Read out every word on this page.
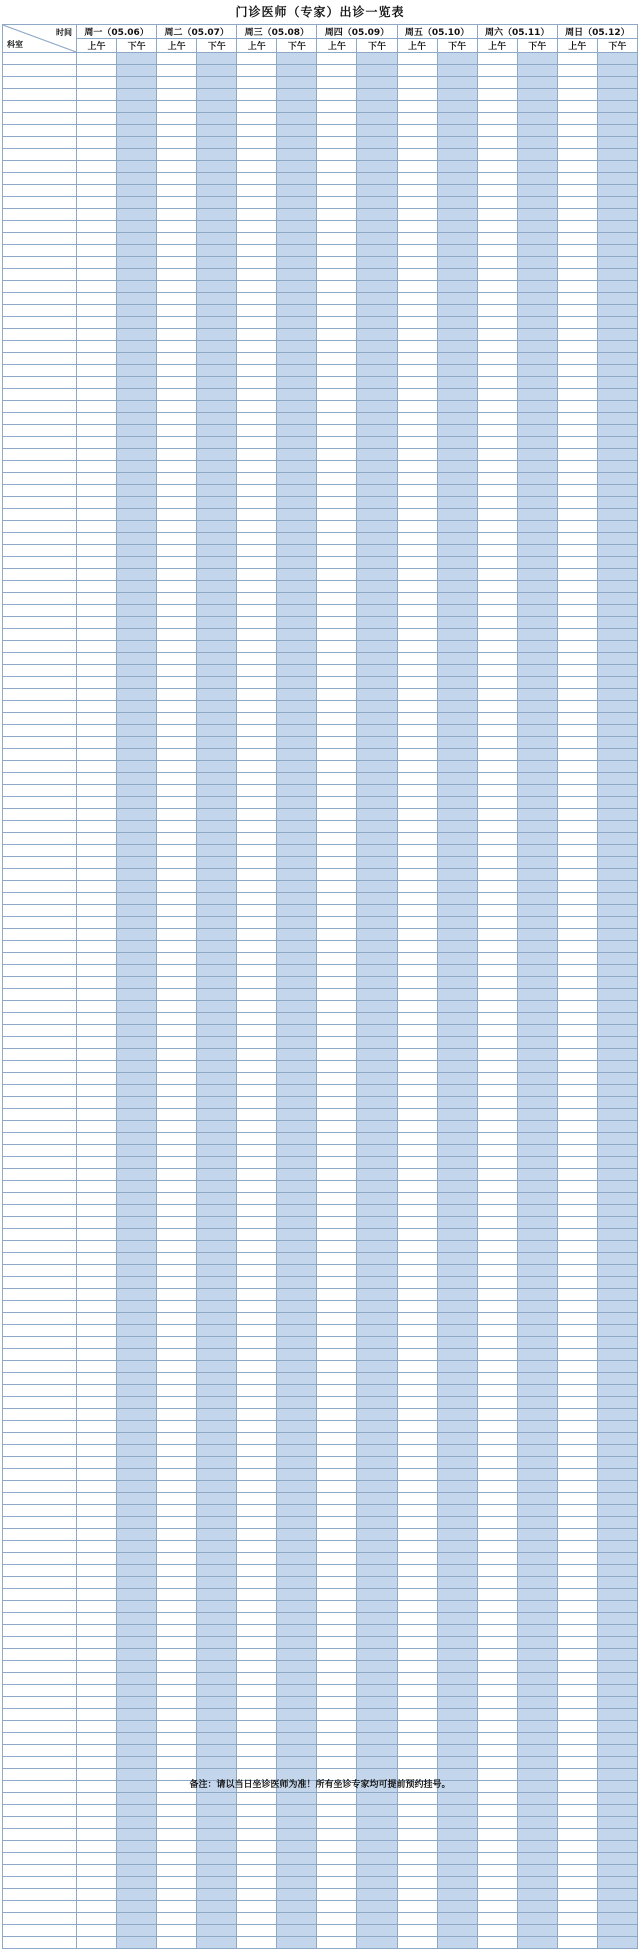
门诊医师（专家）出诊一览表
时间
科室	周一（05.06）		周二（05.07）		周三（05.08）		周四（05.09）		周五（05.10）		周六（05.11）		周日（05.12）	
	上午	下午	上午	下午	上午	下午	上午	下午	上午	下午	上午	下午	上午	下午

备注：请以当日坐诊医师为准！所有坐诊专家均可提前预约挂号。
